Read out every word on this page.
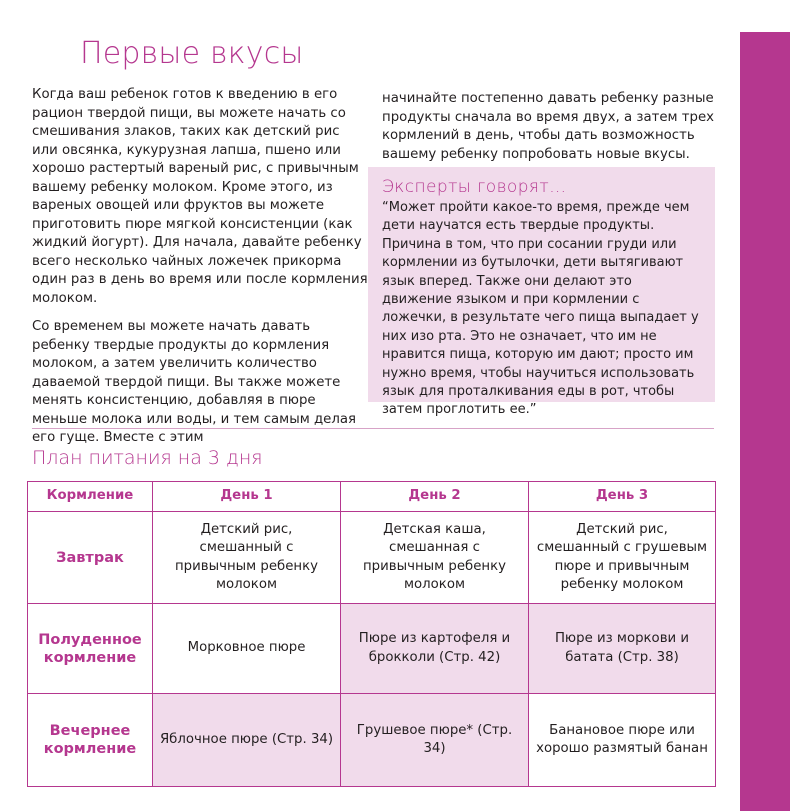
Первые вкусы

Когда ваш ребенок готов к введению в его рацион твердой пищи, вы можете начать со смешивания злаков, таких как детский рис или овсянка, кукурузная лапша, пшено или хорошо растертый вареный рис, с привычным вашему ребенку молоком. Кроме этого, из вареных овощей или фруктов вы можете приготовить пюре мягкой консистенции (как жидкий йогурт). Для начала, давайте ребенку всего несколько чайных ложечек прикорма один раз в день во время или после кормления молоком.

Со временем вы можете начать давать ребенку твердые продукты до кормления молоком, а затем увеличить количество даваемой твердой пищи. Вы также можете менять консистенцию, добавляя в пюре меньше молока или воды, и тем самым делая его гуще. Вместе с этим

начинайте постепенно давать ребенку разные продукты сначала во время двух, а затем трех кормлений в день, чтобы дать возможность вашему ребенку попробовать новые вкусы.

Эксперты говорят…

“Может пройти какое-то время, прежде чем дети научатся есть твердые продукты. Причина в том, что при сосании груди или кормлении из бутылочки, дети вытягивают язык вперед. Также они делают это движение языком и при кормлении с ложечки, в результате чего пища выпадает у них изо рта. Это не означает, что им не нравится пища, которую им дают; просто им нужно время, чтобы научиться использовать язык для проталкивания еды в рот, чтобы затем проглотить ее.”

План питания на 3 дня
Кормление	День 1	День 2	День 3
Завтрак	Детский рис, смешанный с привычным ребенку молоком	Детская каша, смешанная с привычным ребенку молоком	Детский рис, смешанный с грушевым пюре и привычным ребенку молоком
Полуденное кормление	Морковное пюре	Пюре из картофеля и брокколи (Стр. 42)	Пюре из моркови и батата (Стр. 38)
Вечернее кормление	Яблочное пюре (Стр. 34)	Грушевое пюре* (Стр. 34)	Банановое пюре или хорошо размятый банан
